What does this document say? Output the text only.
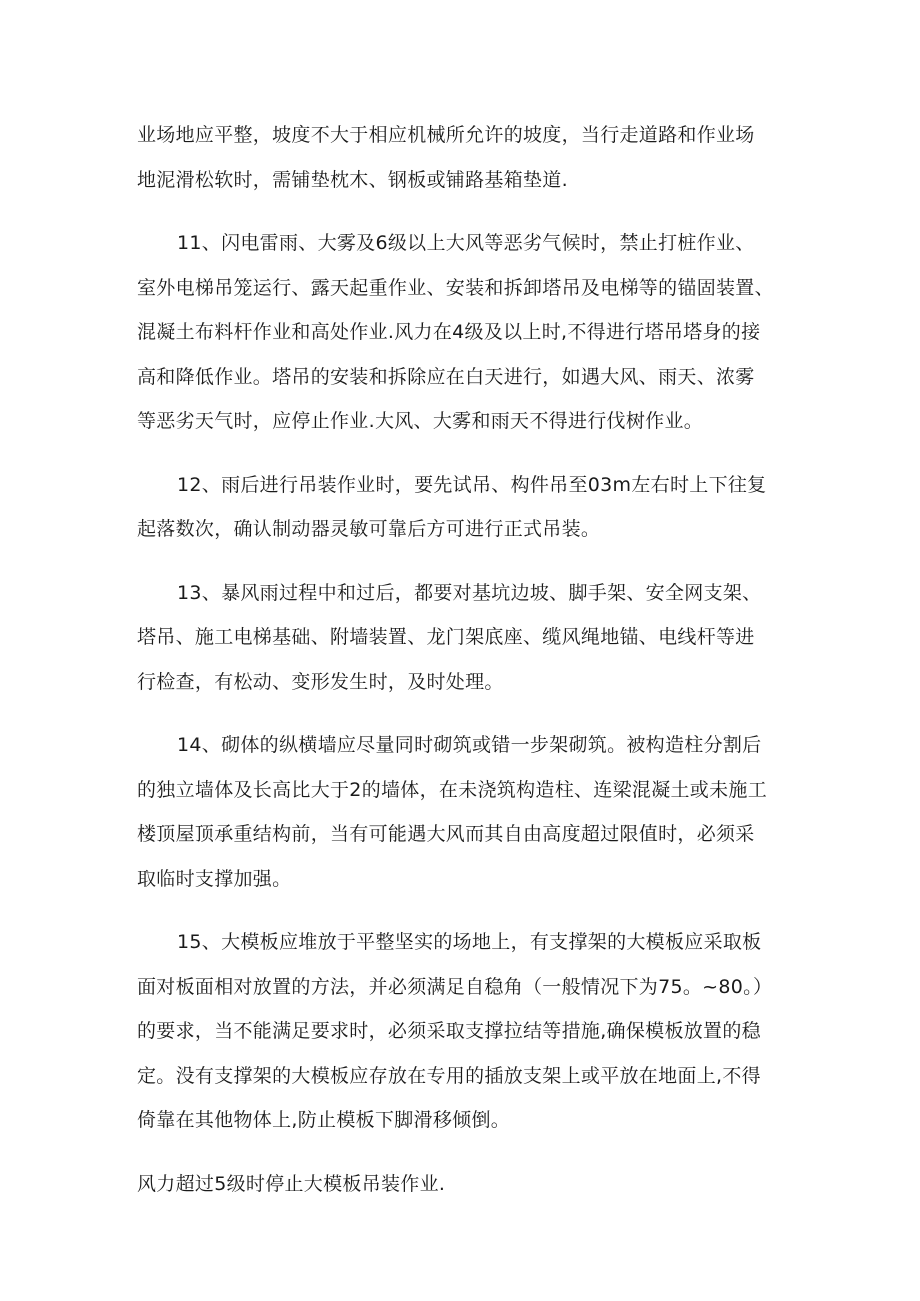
业场地应平整，坡度不大于相应机械所允许的坡度，当行走道路和作业场
地泥滑松软时，需铺垫枕木、钢板或铺路基箱垫道.
11、闪电雷雨、大雾及6级以上大风等恶劣气候时，禁止打桩作业、
室外电梯吊笼运行、露天起重作业、安装和拆卸塔吊及电梯等的锚固装置、
混凝土布料杆作业和高处作业.风力在4级及以上时,不得进行塔吊塔身的接
高和降低作业。塔吊的安装和拆除应在白天进行，如遇大风、雨天、浓雾
等恶劣天气时，应停止作业.大风、大雾和雨天不得进行伐树作业。
12、雨后进行吊装作业时，要先试吊、构件吊至03m左右时上下往复
起落数次，确认制动器灵敏可靠后方可进行正式吊装。
13、暴风雨过程中和过后，都要对基坑边坡、脚手架、安全网支架、
塔吊、施工电梯基础、附墙装置、龙门架底座、缆风绳地锚、电线杆等进
行检查，有松动、变形发生时，及时处理。
14、砌体的纵横墙应尽量同时砌筑或错一步架砌筑。被构造柱分割后
的独立墙体及长高比大于2的墙体，在未浇筑构造柱、连梁混凝土或未施工
楼顶屋顶承重结构前，当有可能遇大风而其自由高度超过限值时，必须采
取临时支撑加强。
15、大模板应堆放于平整坚实的场地上，有支撑架的大模板应采取板
面对板面相对放置的方法，并必须满足自稳角（一般情况下为75。~80。）
的要求，当不能满足要求时，必须采取支撑拉结等措施,确保模板放置的稳
定。没有支撑架的大模板应存放在专用的插放支架上或平放在地面上,不得
倚靠在其他物体上,防止模板下脚滑移倾倒。
风力超过5级时停止大模板吊装作业.
